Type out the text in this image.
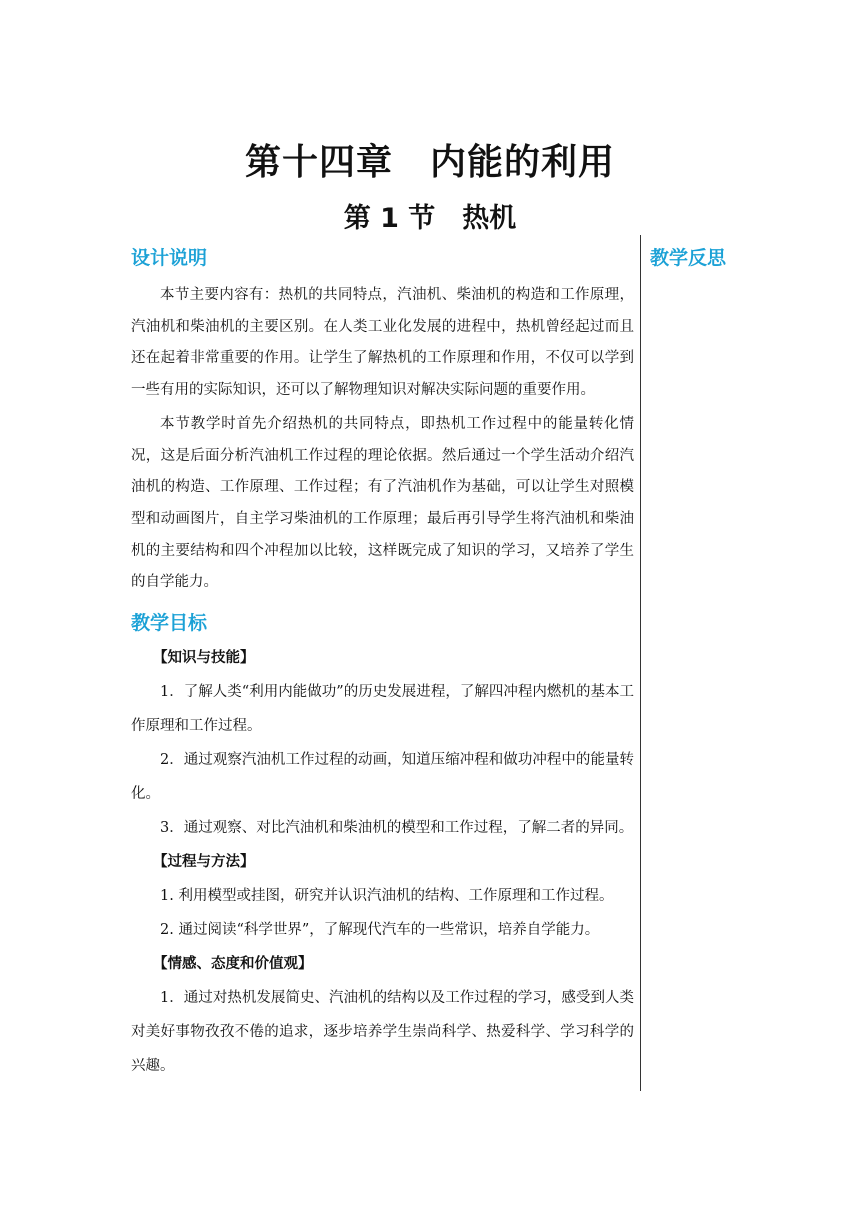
第十四章　内能的利用
第 1 节　热机

教学反思

设计说明

本节主要内容有：热机的共同特点，汽油机、柴油机的构造和工作原理，汽油机和柴油机的主要区别。在人类工业化发展的进程中，热机曾经起过而且还在起着非常重要的作用。让学生了解热机的工作原理和作用，不仅可以学到一些有用的实际知识，还可以了解物理知识对解决实际问题的重要作用。

本节教学时首先介绍热机的共同特点，即热机工作过程中的能量转化情况，这是后面分析汽油机工作过程的理论依据。然后通过一个学生活动介绍汽油机的构造、工作原理、工作过程；有了汽油机作为基础，可以让学生对照模型和动画图片，自主学习柴油机的工作原理；最后再引导学生将汽油机和柴油机的主要结构和四个冲程加以比较，这样既完成了知识的学习，又培养了学生的自学能力。

教学目标

【知识与技能】

1．了解人类“利用内能做功”的历史发展进程，了解四冲程内燃机的基本工作原理和工作过程。

2．通过观察汽油机工作过程的动画，知道压缩冲程和做功冲程中的能量转化。

3．通过观察、对比汽油机和柴油机的模型和工作过程，了解二者的异同。

【过程与方法】

1. 利用模型或挂图，研究并认识汽油机的结构、工作原理和工作过程。

2. 通过阅读“科学世界”，了解现代汽车的一些常识，培养自学能力。

【情感、态度和价值观】

1．通过对热机发展简史、汽油机的结构以及工作过程的学习，感受到人类对美好事物孜孜不倦的追求，逐步培养学生崇尚科学、热爱科学、学习科学的兴趣。
